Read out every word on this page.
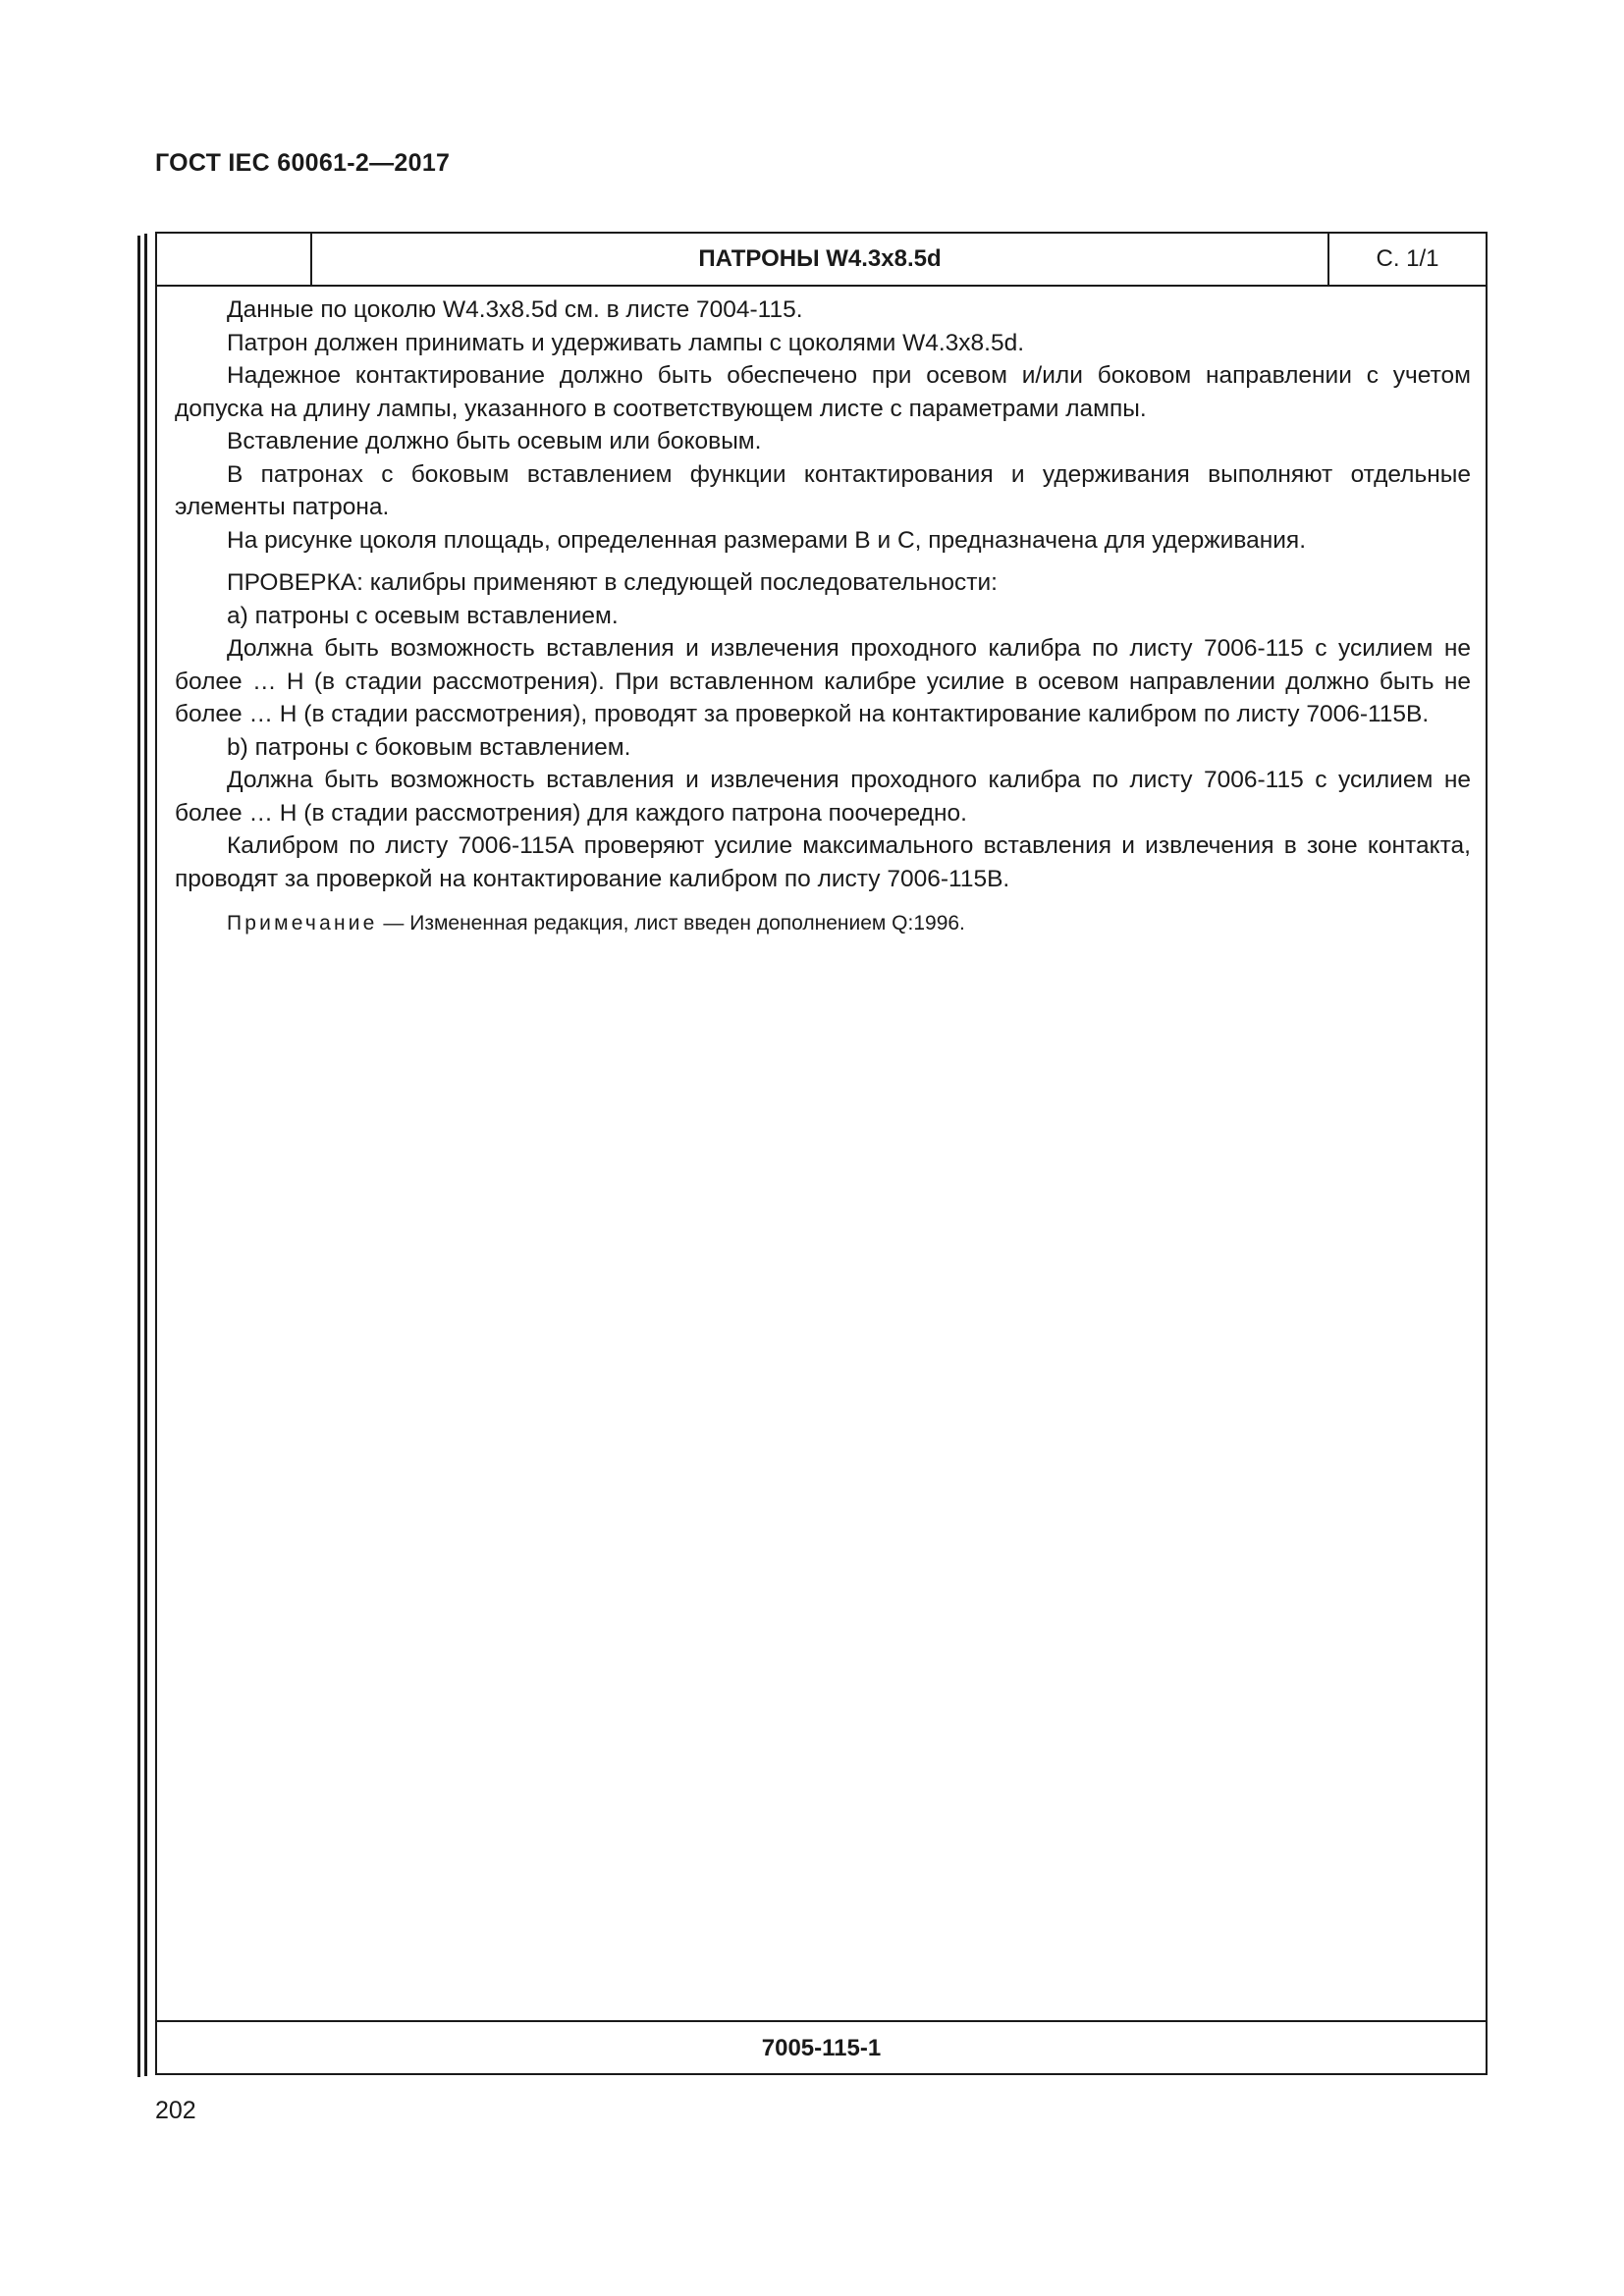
ГОСТ IEC 60061-2—2017
ПАТРОНЫ W4.3x8.5d	С. 1/1

Данные по цоколю W4.3x8.5d см. в листе 7004-115.

Патрон должен принимать и удерживать лампы с цоколями W4.3x8.5d.

Надежное контактирование должно быть обеспечено при осевом и/или боковом направлении с учетом допуска на длину лампы, указанного в соответствующем листе с параметрами лампы.

Вставление должно быть осевым или боковым.

В патронах с боковым вставлением функции контактирования и удерживания выполняют отдельные элементы патрона.

На рисунке цоколя площадь, определенная размерами B и C, предназначена для удерживания.

ПРОВЕРКА: калибры применяют в следующей последовательности:

a) патроны с осевым вставлением.

Должна быть возможность вставления и извлечения проходного калибра по листу 7006-115 с усилием не более … Н (в стадии рассмотрения). При вставленном калибре усилие в осевом направлении должно быть не более … Н (в стадии рассмотрения), проводят за проверкой на контактирование калибром по листу 7006-115B.

b) патроны с боковым вставлением.

Должна быть возможность вставления и извлечения проходного калибра по листу 7006-115 с усилием не более … Н (в стадии рассмотрения) для каждого патрона поочередно.

Калибром по листу 7006-115А проверяют усилие максимального вставления и извлечения в зоне контакта, проводят за проверкой на контактирование калибром по листу 7006-115B.

Примечание — Измененная редакция, лист введен дополнением Q:1996.
7005-115-1
202
